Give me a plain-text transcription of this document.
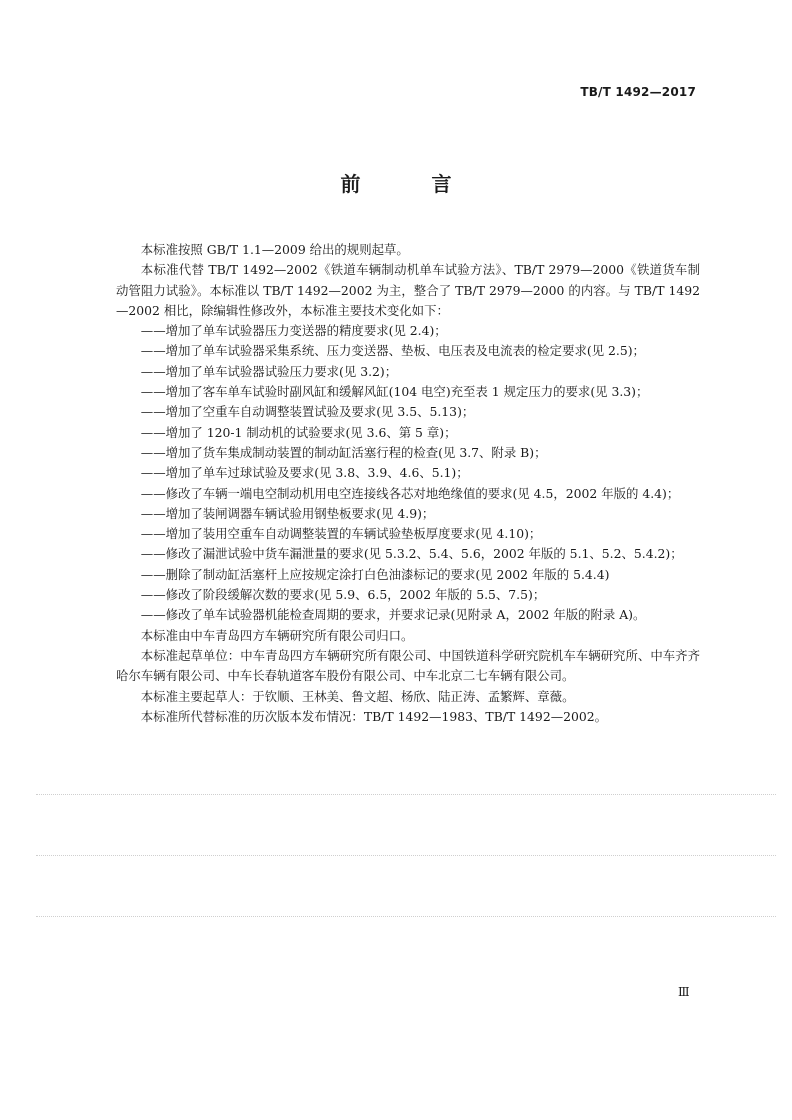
TB/T 1492—2017
前 言

本标准按照 GB/T 1.1—2009 给出的规则起草。

本标准代替 TB/T 1492—2002《铁道车辆制动机单车试验方法》、TB/T 2979—2000《铁道货车制动管阻力试验》。本标准以 TB/T 1492—2002 为主，整合了 TB/T 2979—2000 的内容。与 TB/T 1492—2002 相比，除编辑性修改外，本标准主要技术变化如下：

——增加了单车试验器压力变送器的精度要求(见 2.4)；
——增加了单车试验器采集系统、压力变送器、垫板、电压表及电流表的检定要求(见 2.5)；
——增加了单车试验器试验压力要求(见 3.2)；
——增加了客车单车试验时副风缸和缓解风缸(104 电空)充至表 1 规定压力的要求(见 3.3)；
——增加了空重车自动调整装置试验及要求(见 3.5、5.13)；
——增加了 120-1 制动机的试验要求(见 3.6、第 5 章)；
——增加了货车集成制动装置的制动缸活塞行程的检查(见 3.7、附录 B)；
——增加了单车过球试验及要求(见 3.8、3.9、4.6、5.1)；
——修改了车辆一端电空制动机用电空连接线各芯对地绝缘值的要求(见 4.5，2002 年版的 4.4)；
——增加了装闸调器车辆试验用钢垫板要求(见 4.9)；
——增加了装用空重车自动调整装置的车辆试验垫板厚度要求(见 4.10)；
——修改了漏泄试验中货车漏泄量的要求(见 5.3.2、5.4、5.6，2002 年版的 5.1、5.2、5.4.2)；
——删除了制动缸活塞杆上应按规定涂打白色油漆标记的要求(见 2002 年版的 5.4.4)
——修改了阶段缓解次数的要求(见 5.9、6.5，2002 年版的 5.5、7.5)；
——修改了单车试验器机能检查周期的要求，并要求记录(见附录 A，2002 年版的附录 A)。

本标准由中车青岛四方车辆研究所有限公司归口。

本标准起草单位：中车青岛四方车辆研究所有限公司、中国铁道科学研究院机车车辆研究所、中车齐齐哈尔车辆有限公司、中车长春轨道客车股份有限公司、中车北京二七车辆有限公司。

本标准主要起草人：于钦顺、王林美、鲁文超、杨欣、陆正涛、孟繁辉、章薇。

本标准所代替标准的历次版本发布情况：TB/T 1492—1983、TB/T 1492—2002。

Ⅲ
